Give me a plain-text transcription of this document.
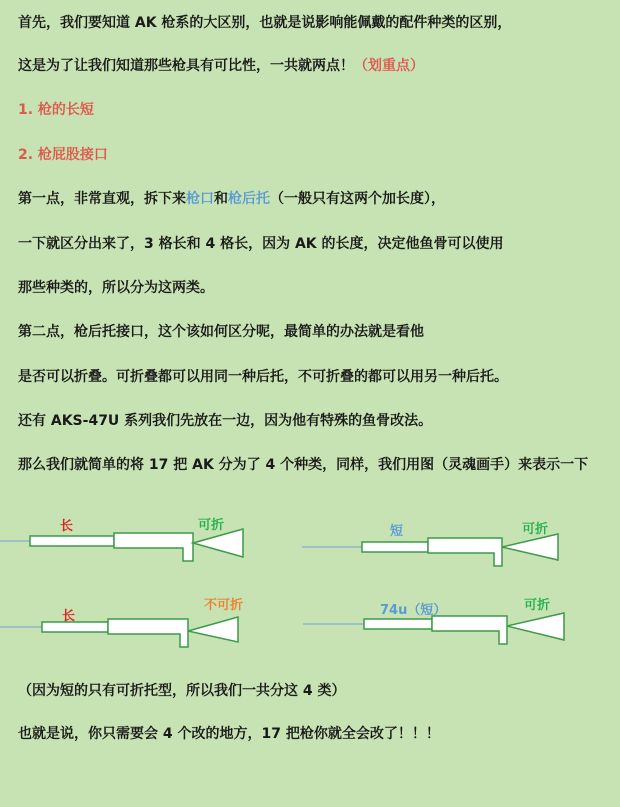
首先，我们要知道 AK 枪系的大区别，也就是说影响能佩戴的配件种类的区别，
这是为了让我们知道那些枪具有可比性，一共就两点！（划重点）
1. 枪的长短
2. 枪屁股接口
第一点，非常直观，拆下来枪口和枪后托（一般只有这两个加长度），
一下就区分出来了，3 格长和 4 格长，因为 AK 的长度，决定他鱼骨可以使用
那些种类的，所以分为这两类。
第二点，枪后托接口，这个该如何区分呢，最简单的办法就是看他
是否可以折叠。可折叠都可以用同一种后托，不可折叠的都可以用另一种后托。
还有 AKS-47U 系列我们先放在一边，因为他有特殊的鱼骨改法。
那么我们就简单的将 17 把 AK 分为了 4 个种类，同样，我们用图（灵魂画手）来表示一下
长	可折	短	可折
长
不可折	74u（短）	可折
（因为短的只有可折托型，所以我们一共分这 4 类）
也就是说，你只需要会 4 个改的地方，17 把枪你就全会改了！！！
